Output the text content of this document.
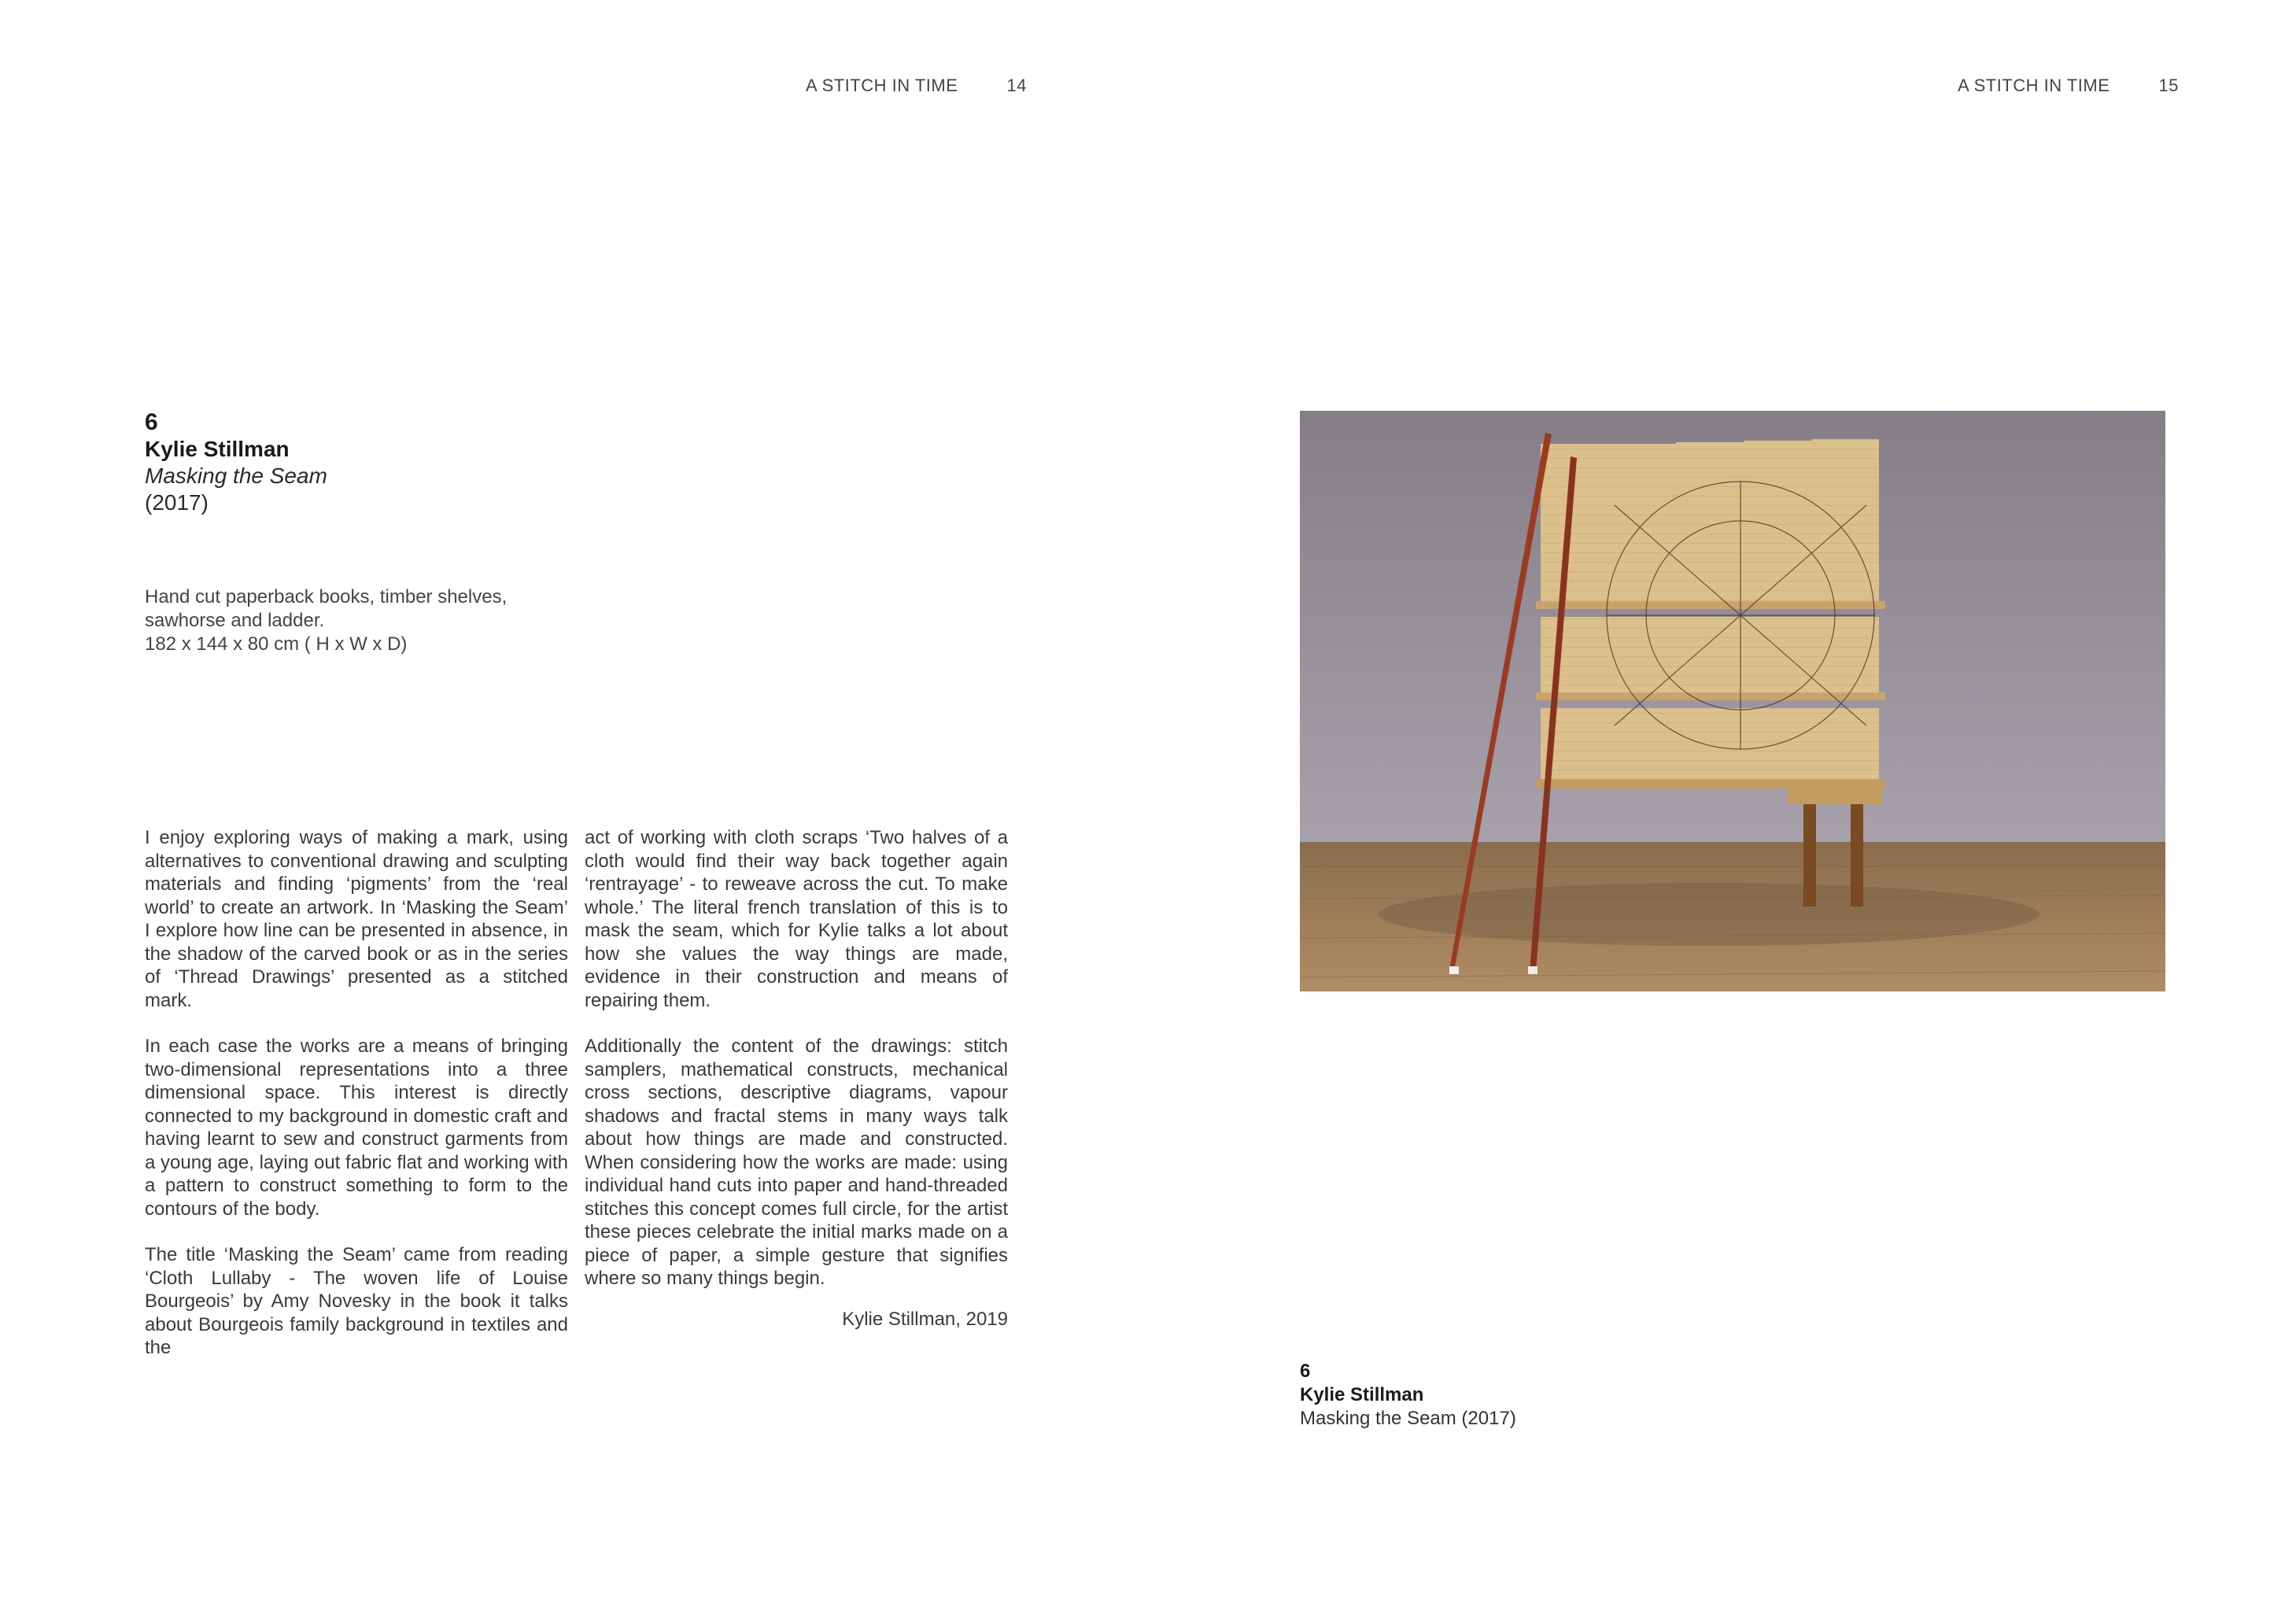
A STITCH IN TIME	14	A STITCH IN TIME	15
6
Kylie Stillman
Masking the Seam
(2017)
Hand cut paperback books, timber shelves,
sawhorse and ladder.
182 x 144 x 80 cm ( H x W x D)

I enjoy exploring ways of making a mark, using alternatives to conventional drawing and sculpting materials and finding ‘pigments’ from the ‘real world’ to create an artwork. In ‘Masking the Seam’ I explore how line can be presented in absence, in the shadow of the carved book or as in the series of ‘Thread Drawings’ presented as a stitched mark.

In each case the works are a means of bringing two-dimensional representations into a three dimensional space. This interest is directly connected to my background in domestic craft and having learnt to sew and construct garments from a young age, laying out fabric flat and working with a pattern to construct something to form to the contours of the body.

The title ‘Masking the Seam’ came from reading ‘Cloth Lullaby - The woven life of Louise Bourgeois’ by Amy Novesky in the book it talks about Bourgeois family background in textiles and the

act of working with cloth scraps ‘Two halves of a cloth would find their way back together again ‘rentrayage’ - to reweave across the cut. To make whole.’ The literal french translation of this is to mask the seam, which for Kylie talks a lot about how she values the way things are made, evidence in their construction and means of repairing them.

Additionally the content of the drawings: stitch samplers, mathematical constructs, mechanical cross sections, descriptive diagrams, vapour shadows and fractal stems in many ways talk about how things are made and constructed. When considering how the works are made: using individual hand cuts into paper and hand-threaded stitches this concept comes full circle, for the artist these pieces celebrate the initial marks made on a piece of paper, a simple gesture that signifies where so many things begin.

Kylie Stillman, 2019
6
Kylie Stillman
Masking the Seam (2017)
